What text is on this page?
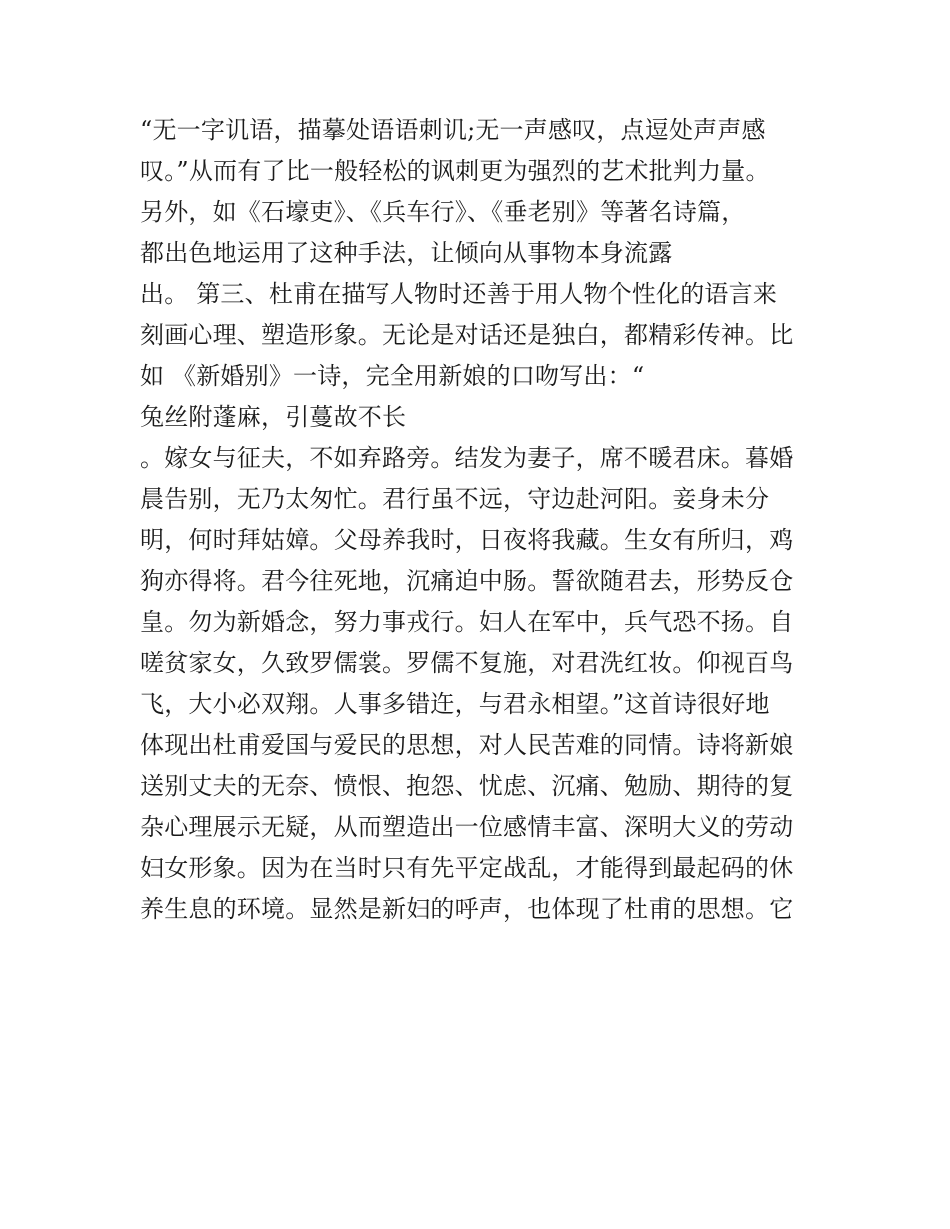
“无一字讥语，描摹处语语刺讥;无一声感叹，点逗处声声感
叹。”从而有了比一般轻松的讽刺更为强烈的艺术批判力量。
另外，如《石壕吏》、《兵车行》、《垂老别》等著名诗篇，
都出色地运用了这种手法，让倾向从事物本身流露
出。 第三、杜甫在描写人物时还善于用人物个性化的语言来
刻画心理、塑造形象。无论是对话还是独白，都精彩传神。比
如 《新婚别》一诗，完全用新娘的口吻写出：“
兔丝附蓬麻，引蔓故不长
。嫁女与征夫，不如弃路旁。结发为妻子，席不暖君床。暮婚
晨告别，无乃太匆忙。君行虽不远，守边赴河阳。妾身未分
明，何时拜姑嫜。父母养我时，日夜将我藏。生女有所归，鸡
狗亦得将。君今往死地，沉痛迫中肠。誓欲随君去，形势反仓
皇。勿为新婚念，努力事戎行。妇人在军中，兵气恐不扬。自
嗟贫家女，久致罗儒裳。罗儒不复施，对君洗红妆。仰视百鸟
飞，大小必双翔。人事多错迕，与君永相望。”这首诗很好地
体现出杜甫爱国与爱民的思想，对人民苦难的同情。诗将新娘
送别丈夫的无奈、愤恨、抱怨、忧虑、沉痛、勉励、期待的复
杂心理展示无疑，从而塑造出一位感情丰富、深明大义的劳动
妇女形象。因为在当时只有先平定战乱，才能得到最起码的休
养生息的环境。显然是新妇的呼声，也体现了杜甫的思想。它
